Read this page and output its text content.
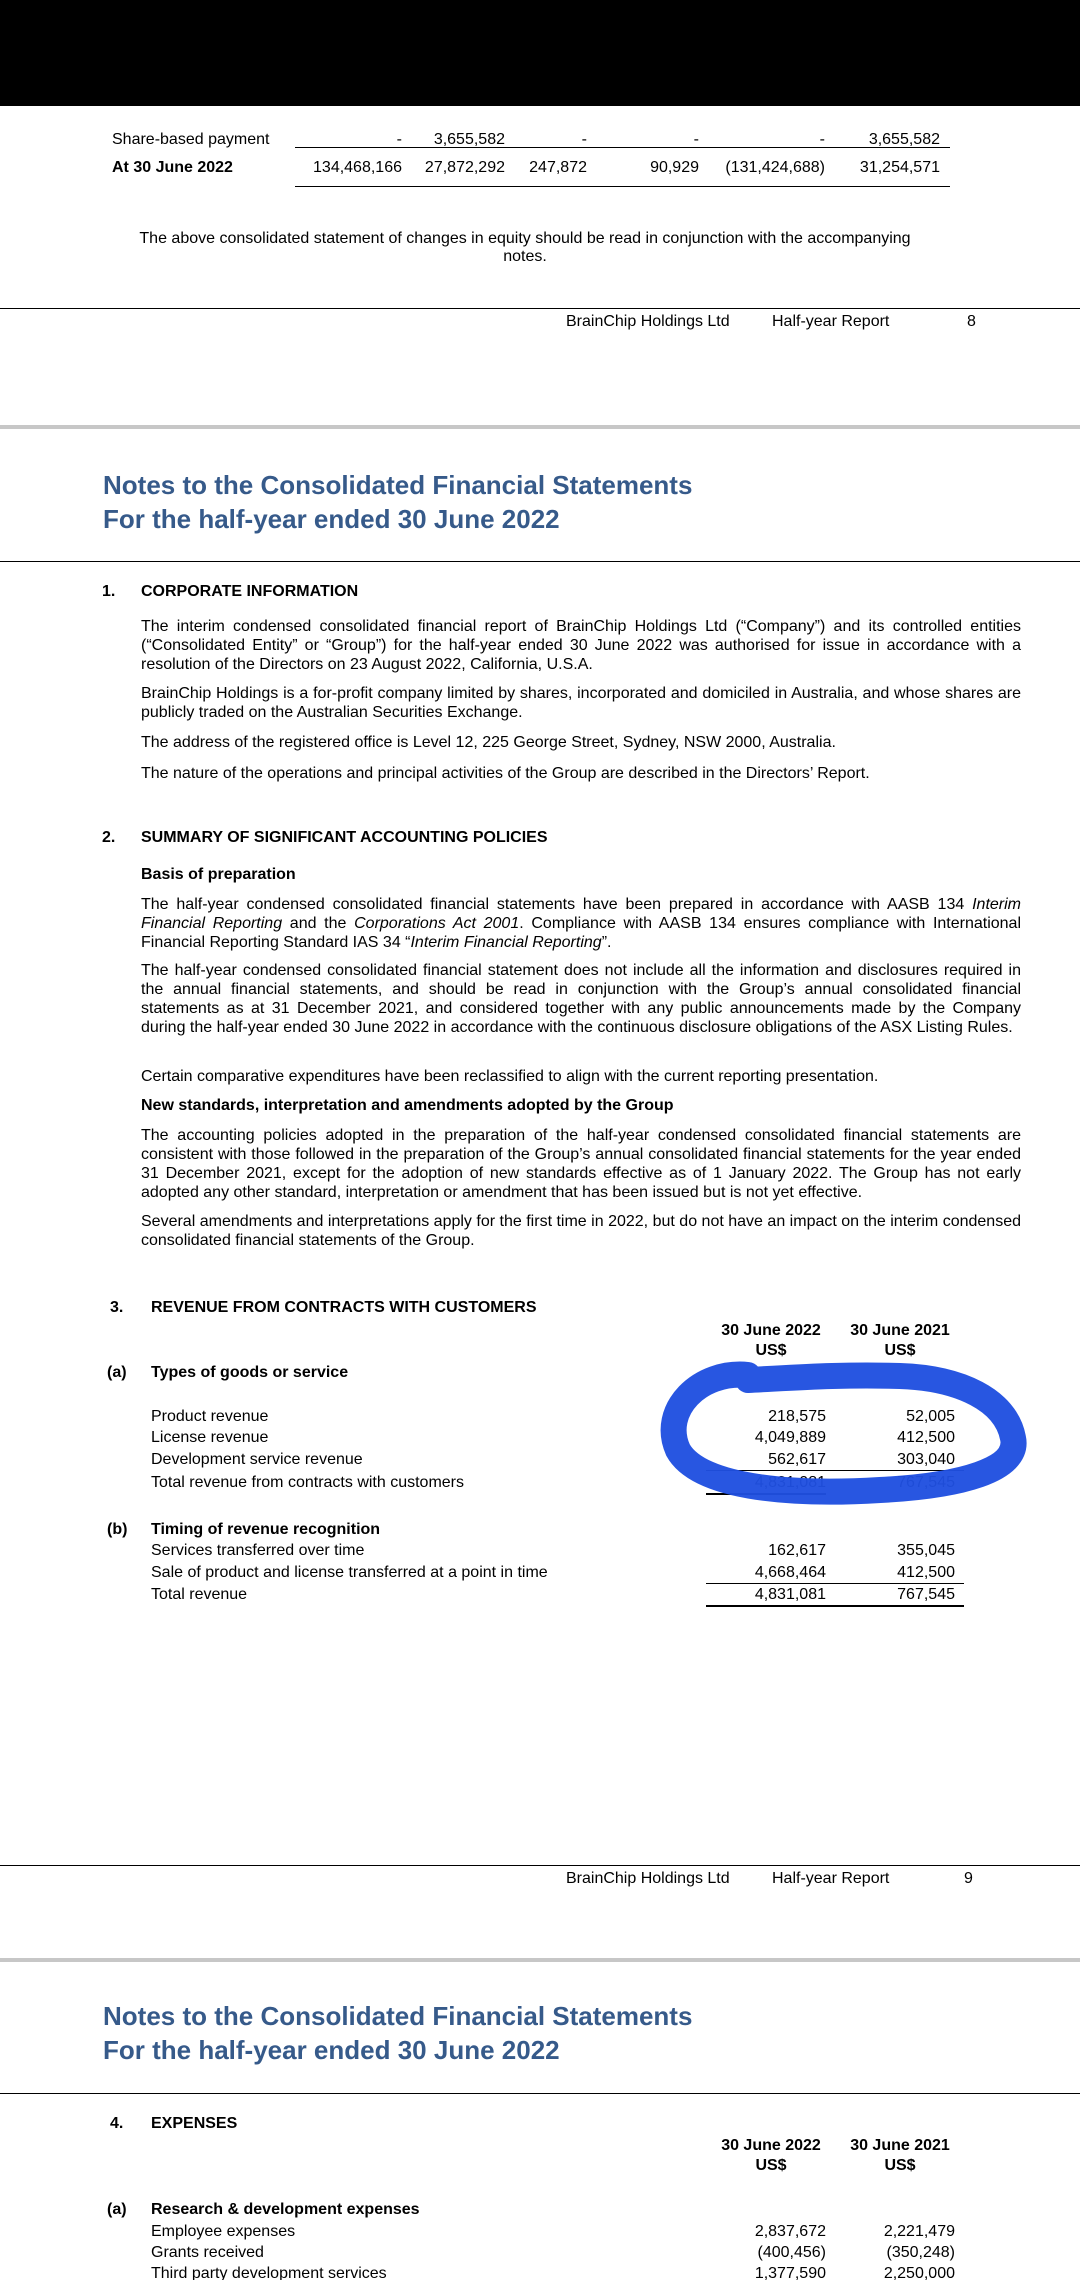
Share-based payment	-	3,655,582	-	-	-	3,655,582
At 30 June 2022	134,468,166	27,872,292	247,872	90,929	(131,424,688)	31,254,571
The above consolidated statement of changes in equity should be read in conjunction with the accompanying
notes.
BrainChip Holdings Ltd	Half-year Report	8
Notes to the Consolidated Financial Statements
For the half-year ended 30 June 2022
1. CORPORATE INFORMATION
The interim condensed consolidated financial report of BrainChip Holdings Ltd (“Company”) and its controlled entities (“Consolidated Entity” or “Group”) for the half-year ended 30 June 2022 was authorised for issue in accordance with a resolution of the Directors on 23 August 2022, California, U.S.A.
BrainChip Holdings is a for-profit company limited by shares, incorporated and domiciled in Australia, and whose shares are publicly traded on the Australian Securities Exchange.
The address of the registered office is Level 12, 225 George Street, Sydney, NSW 2000, Australia.
The nature of the operations and principal activities of the Group are described in the Directors’ Report.
2. SUMMARY OF SIGNIFICANT ACCOUNTING POLICIES
Basis of preparation
The half-year condensed consolidated financial statements have been prepared in accordance with AASB 134 Interim Financial Reporting and the Corporations Act 2001. Compliance with AASB 134 ensures compliance with International Financial Reporting Standard IAS 34 “Interim Financial Reporting”.
The half-year condensed consolidated financial statement does not include all the information and disclosures required in the annual financial statements, and should be read in conjunction with the Group’s annual consolidated financial statements as at 31 December 2021, and considered together with any public announcements made by the Company during the half-year ended 30 June 2022 in accordance with the continuous disclosure obligations of the ASX Listing Rules.
Certain comparative expenditures have been reclassified to align with the current reporting presentation.
New standards, interpretation and amendments adopted by the Group
The accounting policies adopted in the preparation of the half-year condensed consolidated financial statements are consistent with those followed in the preparation of the Group’s annual consolidated financial statements for the year ended 31 December 2021, except for the adoption of new standards effective as of 1 January 2022. The Group has not early adopted any other standard, interpretation or amendment that has been issued but is not yet effective.
Several amendments and interpretations apply for the first time in 2022, but do not have an impact on the interim condensed consolidated financial statements of the Group.
3. REVENUE FROM CONTRACTS WITH CUSTOMERS
30 June 2022
US$
30 June 2021
US$
(a) Types of goods or service
Product revenue	218,575	52,005
License revenue	4,049,889	412,500
Development service revenue	562,617	303,040
Total revenue from contracts with customers	4,831,081	767,545
(b) Timing of revenue recognition
Services transferred over time	162,617	355,045
Sale of product and license transferred at a point in time	4,668,464	412,500
Total revenue	4,831,081	767,545
BrainChip Holdings Ltd	Half-year Report	9
Notes to the Consolidated Financial Statements
For the half-year ended 30 June 2022
4. EXPENSES
30 June 2022
US$
30 June 2021
US$
(a) Research & development expenses
Employee expenses	2,837,672	2,221,479
Grants received	(400,456)	(350,248)
Third party development services	1,377,590	2,250,000
